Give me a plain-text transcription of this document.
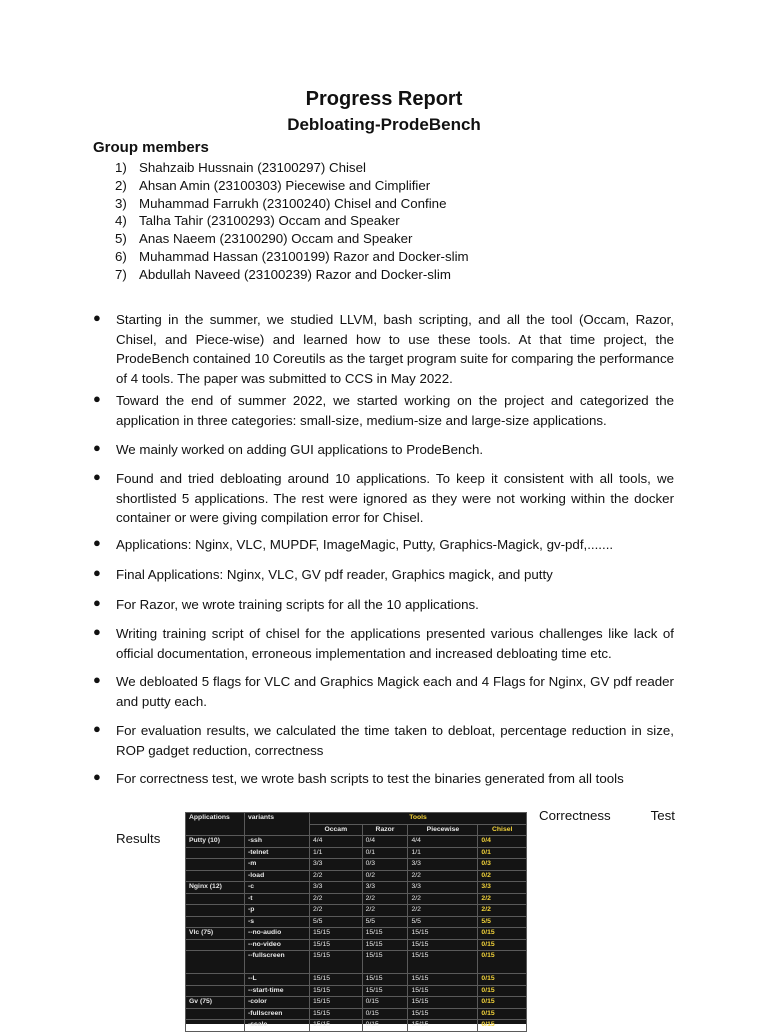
Progress Report
Debloating-ProdeBench
Group members
1) Shahzaib Hussnain (23100297) Chisel
2) Ahsan Amin (23100303) Piecewise and Cimplifier
3) Muhammad Farrukh (23100240) Chisel and Confine
4) Talha Tahir (23100293) Occam and Speaker
5) Anas Naeem (23100290) Occam and Speaker
6) Muhammad Hassan (23100199) Razor and Docker-slim
7) Abdullah Naveed (23100239) Razor and Docker-slim
● Starting in the summer, we studied LLVM, bash scripting, and all the tool (Occam, Razor, Chisel, and Piece-wise) and learned how to use these tools. At that time project, the ProdeBench contained 10 Coreutils as the target program suite for comparing the performance of 4 tools. The paper was submitted to CCS in May 2022.
● Toward the end of summer 2022, we started working on the project and categorized the application in three categories: small-size, medium-size and large-size applications.
● We mainly worked on adding GUI applications to ProdeBench.
● Found and tried debloating around 10 applications. To keep it consistent with all tools, we shortlisted 5 applications. The rest were ignored as they were not working within the docker container or were giving compilation error for Chisel.
● Applications: Nginx, VLC, MUPDF, ImageMagic, Putty, Graphics-Magick, gv-pdf,.......
● Final Applications: Nginx, VLC, GV pdf reader, Graphics magick, and putty
● For Razor, we wrote training scripts for all the 10 applications.
● Writing training script of chisel for the applications presented various challenges like lack of official documentation, erroneous implementation and increased debloating time etc.
● We debloated 5 flags for VLC and Graphics Magick each and 4 Flags for Nginx, GV pdf reader and putty each.
● For evaluation results, we calculated the time taken to debloat, percentage reduction in size, ROP gadget reduction, correctness
● For correctness test, we wrote bash scripts to test the binaries generated from all tools
Correctness	Test
Results
Applications	variants	Tools			
		Occam	Razor	Piecewise	Chisel
Putty (10)	-ssh	4/4	0/4	4/4	0/4
	-telnet	1/1	0/1	1/1	0/1
	-m	3/3	0/3	3/3	0/3
	-load	2/2	0/2	2/2	0/2
Nginx (12)	-c	3/3	3/3	3/3	3/3
	-t	2/2	2/2	2/2	2/2
	-p	2/2	2/2	2/2	2/2
	-s	5/5	5/5	5/5	5/5
Vlc (75)	--no-audio	15/15	15/15	15/15	0/15
	--no-video	15/15	15/15	15/15	0/15
	--fullscreen	15/15	15/15	15/15	0/15
	--L	15/15	15/15	15/15	0/15
	--start-time	15/15	15/15	15/15	0/15
Gv (75)	-color	15/15	0/15	15/15	0/15
	-fullscreen	15/15	0/15	15/15	0/15
	-scale	15/15	0/15	15/15	0/15
